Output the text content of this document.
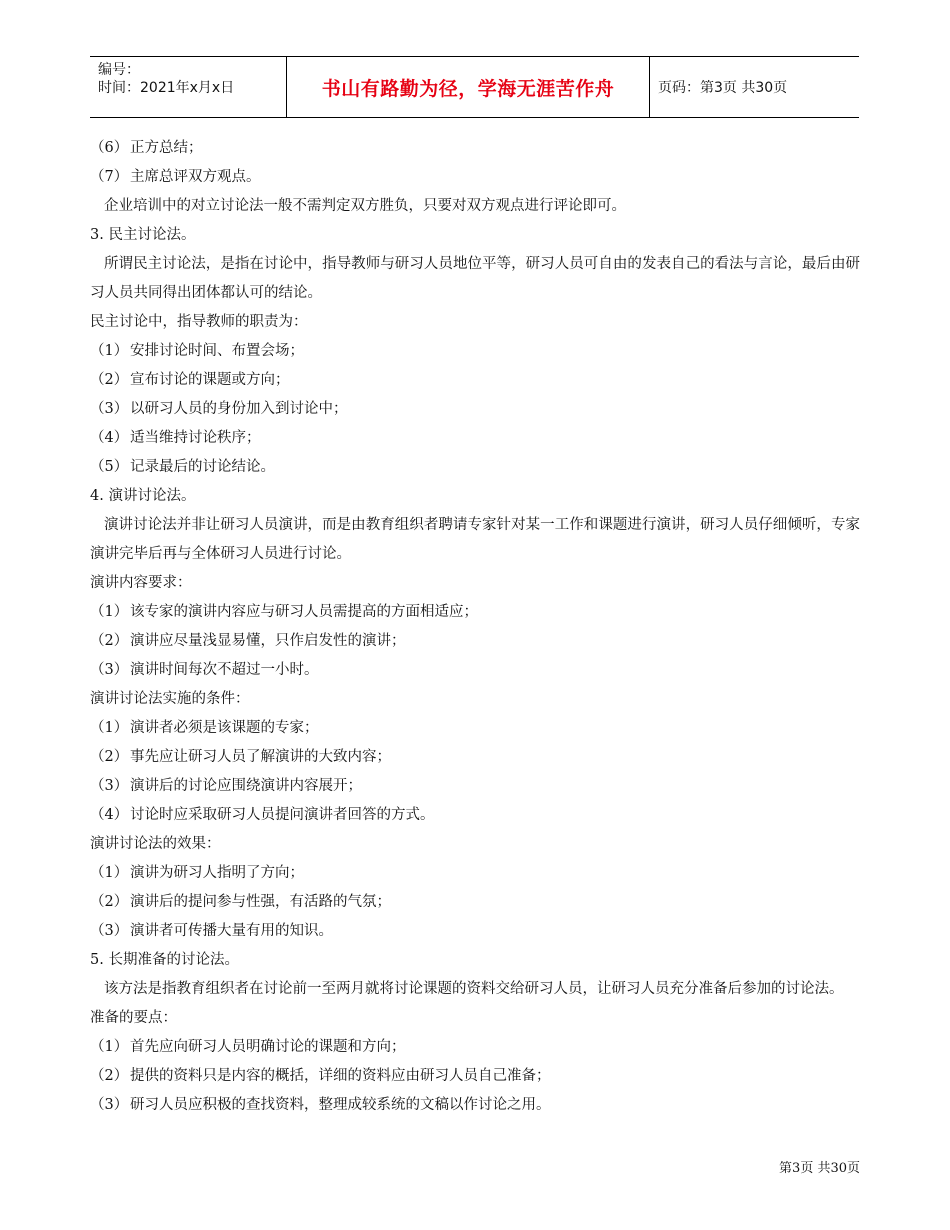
编号：
时间：2021年x月x日	书山有路勤为径，学海无涯苦作舟	页码：第3页 共30页
（6） 正方总结；
（7） 主席总评双方观点。
企业培训中的对立讨论法一般不需判定双方胜负，只要对双方观点进行评论即可。
3. 民主讨论法。
所谓民主讨论法，是指在讨论中，指导教师与研习人员地位平等，研习人员可自由的发表自己的看法与言论，最后由研习人员共同得出团体都认可的结论。
民主讨论中，指导教师的职责为：
（1） 安排讨论时间、布置会场；
（2） 宣布讨论的课题或方向；
（3） 以研习人员的身份加入到讨论中；
（4） 适当维持讨论秩序；
（5） 记录最后的讨论结论。
4. 演讲讨论法。
演讲讨论法并非让研习人员演讲，而是由教育组织者聘请专家针对某一工作和课题进行演讲，研习人员仔细倾听，专家演讲完毕后再与全体研习人员进行讨论。
演讲内容要求：
（1） 该专家的演讲内容应与研习人员需提高的方面相适应；
（2） 演讲应尽量浅显易懂，只作启发性的演讲；
（3） 演讲时间每次不超过一小时。
演讲讨论法实施的条件：
（1） 演讲者必须是该课题的专家；
（2） 事先应让研习人员了解演讲的大致内容；
（3） 演讲后的讨论应围绕演讲内容展开；
（4） 讨论时应采取研习人员提问演讲者回答的方式。
演讲讨论法的效果：
（1） 演讲为研习人指明了方向；
（2） 演讲后的提问参与性强，有活路的气氛；
（3） 演讲者可传播大量有用的知识。
5. 长期准备的讨论法。
该方法是指教育组织者在讨论前一至两月就将讨论课题的资料交给研习人员，让研习人员充分准备后参加的讨论法。
准备的要点：
（1） 首先应向研习人员明确讨论的课题和方向；
（2） 提供的资料只是内容的概括，详细的资料应由研习人员自己准备；
（3） 研习人员应积极的查找资料，整理成较系统的文稿以作讨论之用。
第3页 共30页
